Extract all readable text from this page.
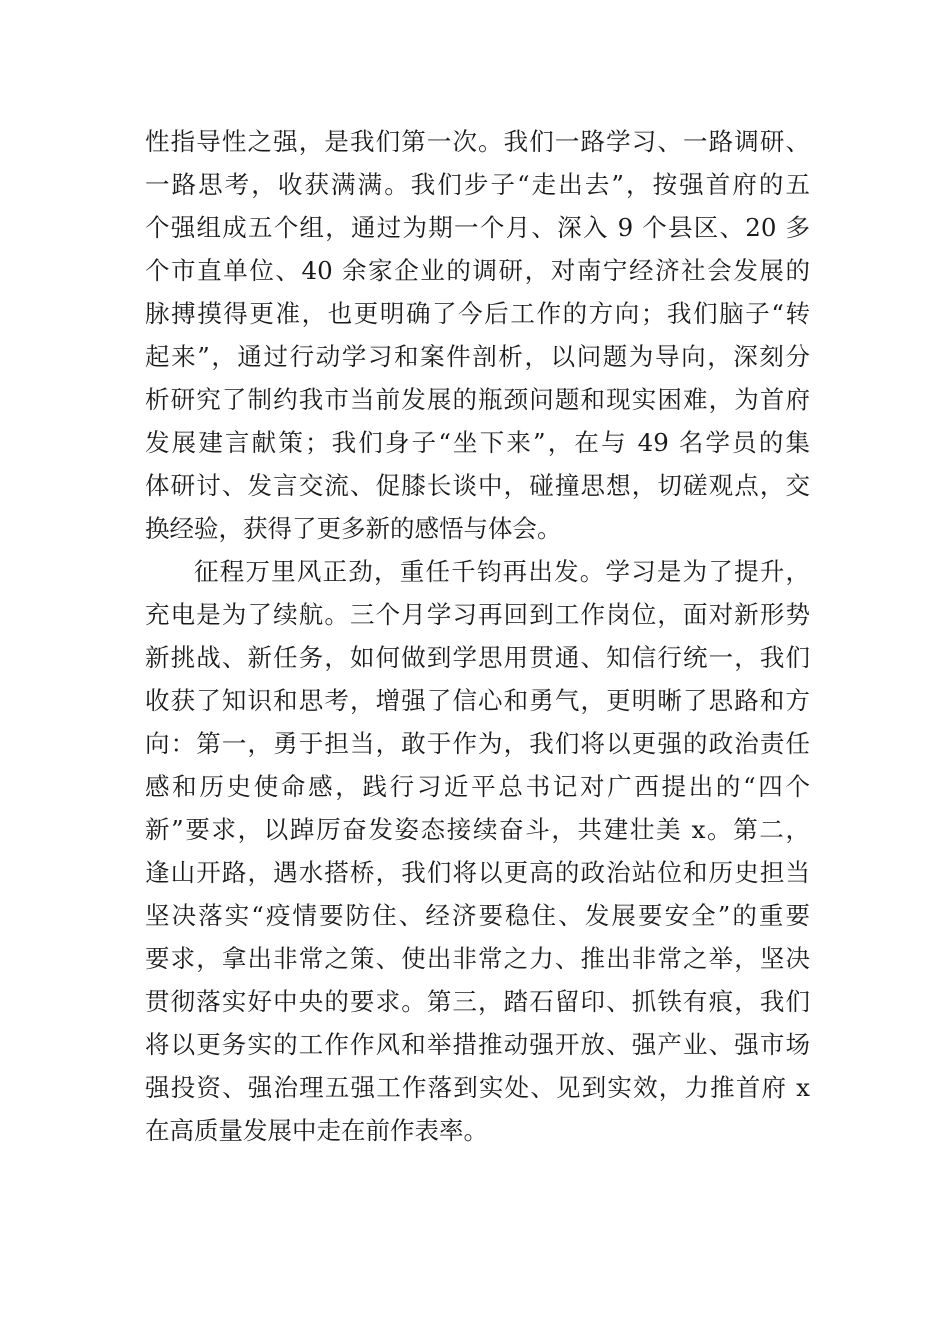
性指导性之强，是我们第一次。我们一路学习、一路调研、
一路思考，收获满满。我们步子“走出去”，按强首府的五
个强组成五个组，通过为期一个月、深入 9 个县区、20 多
个市直单位、40 余家企业的调研，对南宁经济社会发展的
脉搏摸得更准，也更明确了今后工作的方向；我们脑子“转
起来”，通过行动学习和案件剖析，以问题为导向，深刻分
析研究了制约我市当前发展的瓶颈问题和现实困难，为首府
发展建言献策；我们身子“坐下来”，在与 49 名学员的集
体研讨、发言交流、促膝长谈中，碰撞思想，切磋观点，交
换经验，获得了更多新的感悟与体会。
征程万里风正劲，重任千钧再出发。学习是为了提升，
充电是为了续航。三个月学习再回到工作岗位，面对新形势
新挑战、新任务，如何做到学思用贯通、知信行统一，我们
收获了知识和思考，增强了信心和勇气，更明晰了思路和方
向：第一，勇于担当，敢于作为，我们将以更强的政治责任
感和历史使命感，践行习近平总书记对广西提出的“四个
新”要求，以踔厉奋发姿态接续奋斗，共建壮美 x。第二，
逢山开路，遇水搭桥，我们将以更高的政治站位和历史担当
坚决落实“疫情要防住、经济要稳住、发展要安全”的重要
要求，拿出非常之策、使出非常之力、推出非常之举，坚决
贯彻落实好中央的要求。第三，踏石留印、抓铁有痕，我们
将以更务实的工作作风和举措推动强开放、强产业、强市场
强投资、强治理五强工作落到实处、见到实效，力推首府 x
在高质量发展中走在前作表率。
